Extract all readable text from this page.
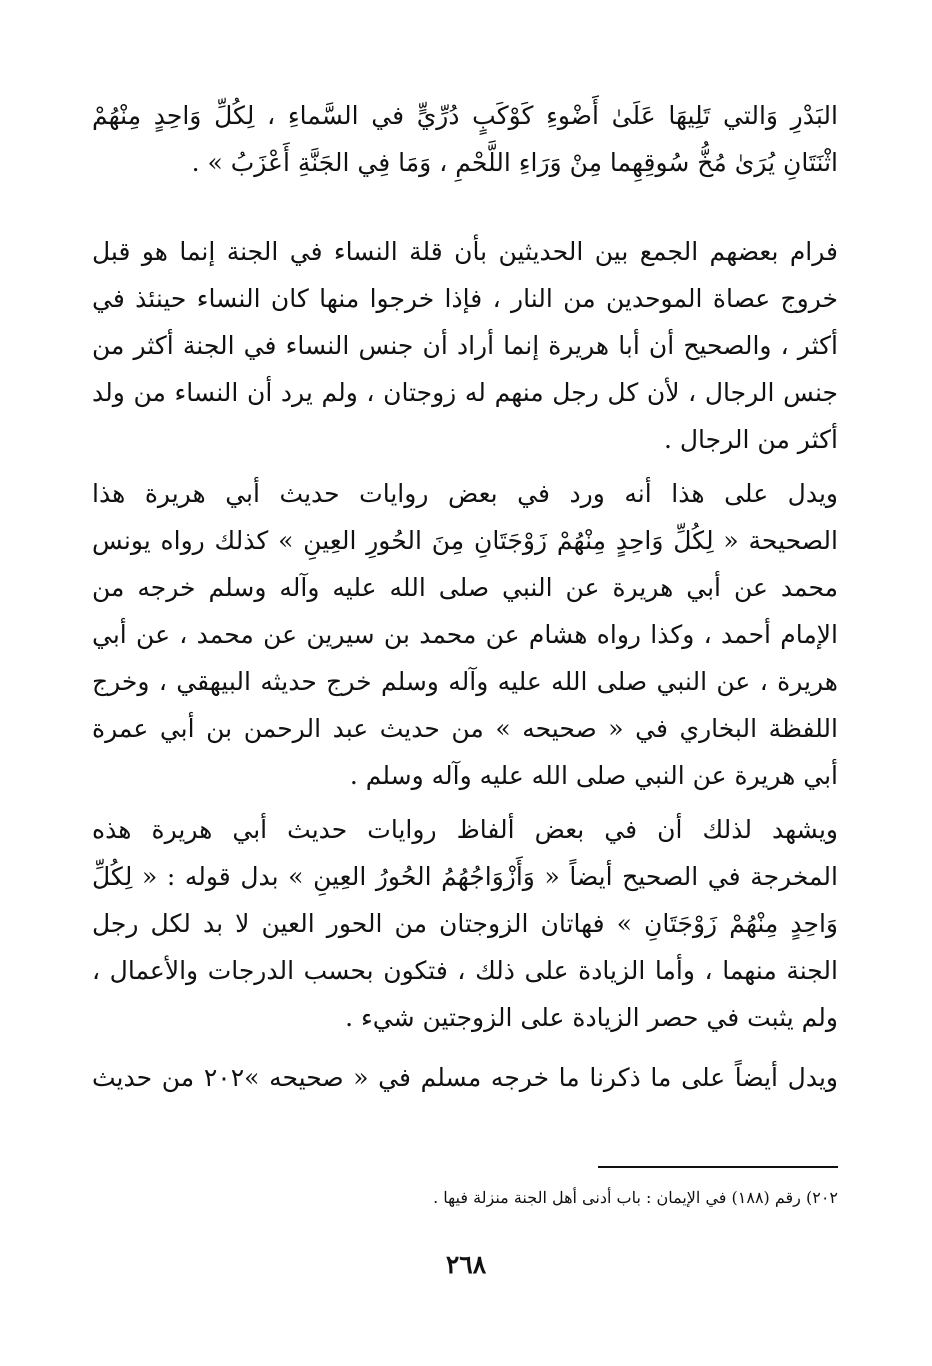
البَدْرِ وَالتي تَلِيهَا عَلَىٰ أَضْوءِ كَوْكَبٍ دُرِّيٍّ في السَّماءِ ، لِكُلِّ وَاحِدٍ مِنْهُمْ
اثْنَتَانِ يُرَىٰ مُخُّ سُوقِهِما مِنْ وَرَاءِ اللَّحْمِ ، وَمَا فِي الجَنَّةِ أَعْزَبُ » .
فرام بعضهم الجمع بين الحديثين بأن قلة النساء في الجنة إنما هو قبل
خروج عصاة الموحدين من النار ، فإذا خرجوا منها كان النساء حينئذ في
أكثر ، والصحيح أن أبا هريرة إنما أراد أن جنس النساء في الجنة أكثر من
جنس الرجال ، لأن كل رجل منهم له زوجتان ، ولم يرد أن النساء من ولد
أكثر من الرجال .
ويدل على هذا أنه ورد في بعض روايات حديث أبي هريرة هذا
الصحيحة « لِكُلِّ وَاحِدٍ مِنْهُمْ زَوْجَتَانِ مِنَ الحُورِ العِينِ » كذلك رواه يونس
محمد عن أبي هريرة عن النبي صلى الله عليه وآله وسلم خرجه من
الإمام أحمد ، وكذا رواه هشام عن محمد بن سيرين عن محمد ، عن أبي
هريرة ، عن النبي صلى الله عليه وآله وسلم خرج حديثه البيهقي ، وخرج
اللفظة البخاري في « صحيحه » من حديث عبد الرحمن بن أبي عمرة
أبي هريرة عن النبي صلى الله عليه وآله وسلم .
ويشهد لذلك أن في بعض ألفاظ روايات حديث أبي هريرة هذه
المخرجة في الصحيح أيضاً « وَأَزْوَاجُهُمُ الحُورُ العِينِ » بدل قوله : « لِكُلِّ
وَاحِدٍ مِنْهُمْ زَوْجَتَانِ » فهاتان الزوجتان من الحور العين لا بد لكل رجل
الجنة منهما ، وأما الزيادة على ذلك ، فتكون بحسب الدرجات والأعمال ،
ولم يثبت في حصر الزيادة على الزوجتين شيء .
ويدل أيضاً على ما ذكرنا ما خرجه مسلم في « صحيحه »٢٠٢ من حديث
٢٠٢) رقم (١٨٨) في الإيمان : باب أدنى أهل الجنة منزلة فيها .
٢٦٨
